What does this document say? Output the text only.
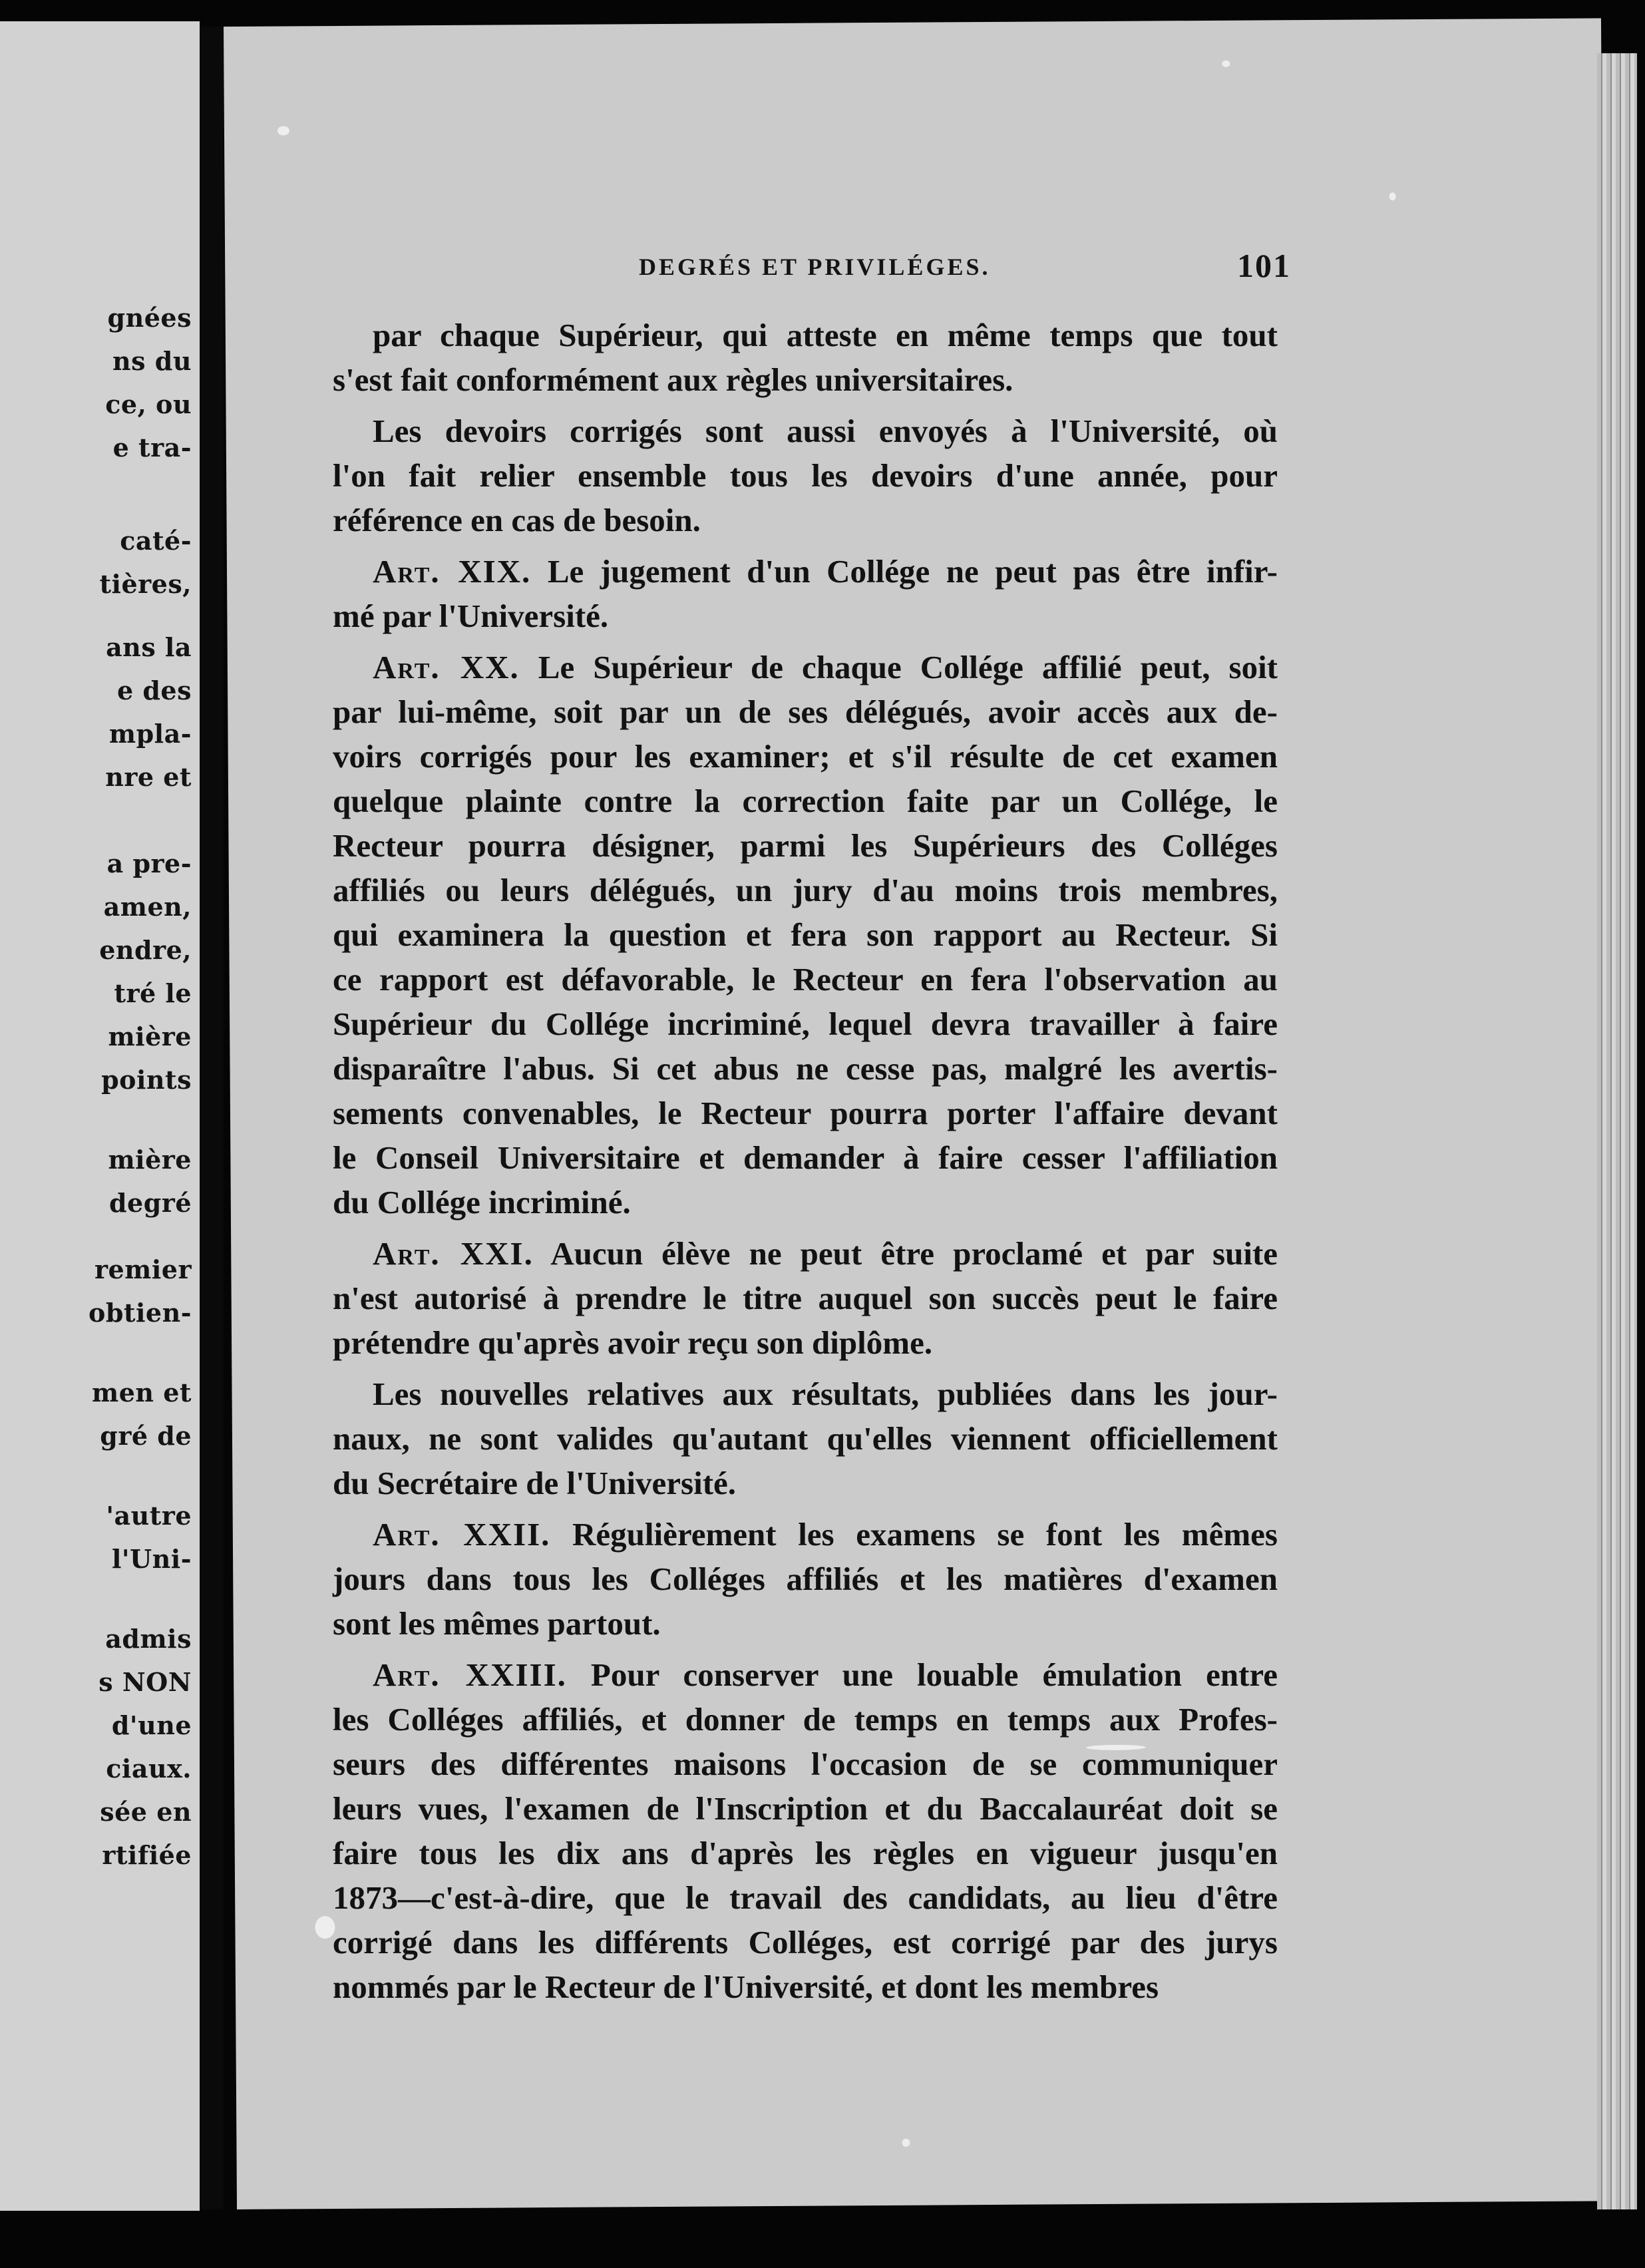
gnées
ns du
ce, ou
e tra-
caté-
tières,
ans la
e des
mpla-
nre et
a pre-
amen,
endre,
tré le
mière
points
mière
degré
remier
obtien-
men et
gré de
'autre
l'Uni-
admis
s NON
d'une
ciaux.
sée en
rtifiée
DEGRÉS ET PRIVILÉGES.	101

par chaque Supérieur, qui atteste en même temps que tout
s'est fait conformément aux règles universitaires.

Les devoirs corrigés sont aussi envoyés à l'Université, où
l'on fait relier ensemble tous les devoirs d'une année, pour
référence en cas de besoin.

Art. XIX. Le jugement d'un Collége ne peut pas être infir-
mé par l'Université.

Art. XX. Le Supérieur de chaque Collége affilié peut, soit
par lui-même, soit par un de ses délégués, avoir accès aux de-
voirs corrigés pour les examiner; et s'il résulte de cet examen
quelque plainte contre la correction faite par un Collége, le
Recteur pourra désigner, parmi les Supérieurs des Colléges
affiliés ou leurs délégués, un jury d'au moins trois membres,
qui examinera la question et fera son rapport au Recteur. Si
ce rapport est défavorable, le Recteur en fera l'observation au
Supérieur du Collége incriminé, lequel devra travailler à faire
disparaître l'abus. Si cet abus ne cesse pas, malgré les avertis-
sements convenables, le Recteur pourra porter l'affaire devant
le Conseil Universitaire et demander à faire cesser l'affiliation
du Collége incriminé.

Art. XXI. Aucun élève ne peut être proclamé et par suite
n'est autorisé à prendre le titre auquel son succès peut le faire
prétendre qu'après avoir reçu son diplôme.

Les nouvelles relatives aux résultats, publiées dans les jour-
naux, ne sont valides qu'autant qu'elles viennent officiellement
du Secrétaire de l'Université.

Art. XXII. Régulièrement les examens se font les mêmes
jours dans tous les Colléges affiliés et les matières d'examen
sont les mêmes partout.

Art. XXIII. Pour conserver une louable émulation entre
les Colléges affiliés, et donner de temps en temps aux Profes-
seurs des différentes maisons l'occasion de se communiquer
leurs vues, l'examen de l'Inscription et du Baccalauréat doit se
faire tous les dix ans d'après les règles en vigueur jusqu'en
1873—c'est-à-dire, que le travail des candidats, au lieu d'être
corrigé dans les différents Colléges, est corrigé par des jurys
nommés par le Recteur de l'Université, et dont les membres
